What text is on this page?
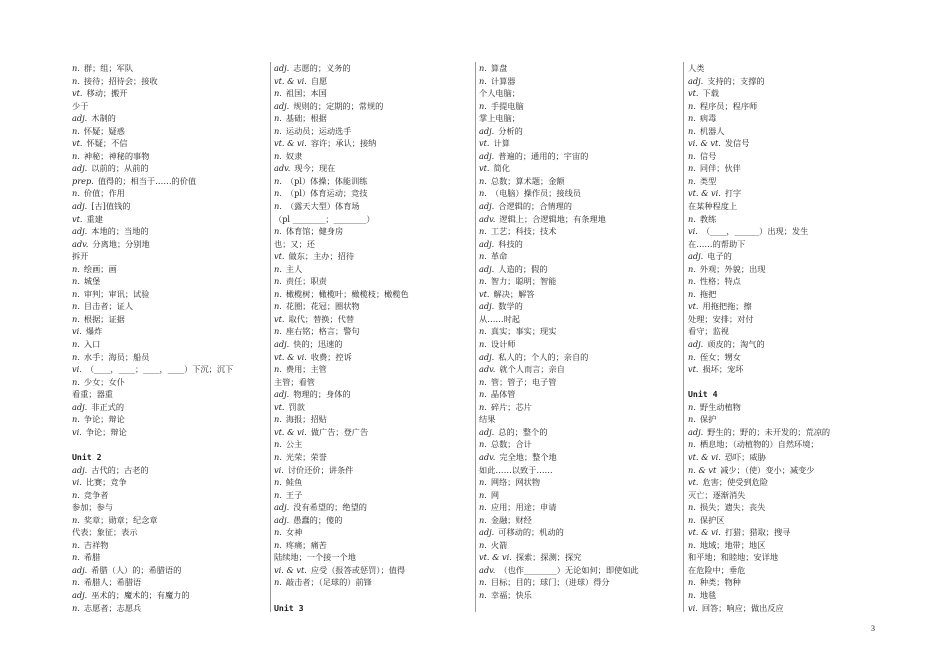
n. 群；组；军队
n. 接待；招待会；接收
vt. 移动；搬开
少于
adj. 木制的
n. 怀疑；疑惑
vt. 怀疑；不信
n. 神秘；神秘的事物
adj. 以前的；从前的
prep. 值得的；相当于……的价值
n. 价值；作用
adj. [古]值钱的
vt. 重建
adj. 本地的；当地的
adv. 分离地；分别地
拆开
n. 绘画；画
n. 城堡
n. 审判；审讯；试验
n. 目击者；证人
n. 根据；证据
vi. 爆炸
n. 入口
n. 水手；海员；船员
vi. （____，____；____，____）下沉；沉下
n. 少女；女仆
看重；器重
adj. 非正式的
n. 争论；辩论
vi. 争论；辩论
Unit 2
adj. 古代的；古老的
vi. 比赛；竞争
n. 竞争者
参加；参与
n. 奖章；勋章；纪念章
代表；象征；表示
n. 吉祥物
n. 希腊
adj. 希腊（人）的；希腊语的
n. 希腊人；希腊语
adj. 巫术的；魔术的；有魔力的
n. 志愿者；志愿兵
adj. 志愿的；义务的
vt. & vi. 自愿
n. 祖国；本国
adj. 规则的；定期的；常规的
n. 基础；根据
n. 运动员；运动选手
vt. & vi. 容许；承认；接纳
n. 奴隶
adv. 现今；现在
n. （pl）体操；体能训练
n. （pl）体育运动；竞技
n. （露天大型）体育场
（pl ________；________）
n. 体育馆；健身房
也；又；还
vt. 做东；主办；招待
n. 主人
n. 责任；职责
n. 橄榄树；橄榄叶；橄榄枝；橄榄色
n. 花圈；花冠；圈状物
vt. 取代；替换；代替
n. 座右铭；格言；警句
adj. 快的；迅速的
vt. & vi. 收费；控诉
n. 费用；主管
主管；看管
adj. 物理的；身体的
vt. 罚款
n. 海报；招贴
vt. & vi. 做广告；登广告
n. 公主
n. 光荣；荣誉
vi. 讨价还价；讲条件
n. 鲑鱼
n. 王子
adj. 没有希望的；绝望的
adj. 愚蠢的；傻的
n. 女神
n. 疼痛；痛苦
陆续地；一个接一个地
vi. & vt. 应受（报答或惩罚）；值得
n. 敲击者；（足球的）前锋
Unit 3
n. 算盘
n. 计算器
个人电脑；
n. 手提电脑
掌上电脑；
adj. 分析的
vt. 计算
adj. 普遍的；通用的；宇宙的
vt. 简化
n. 总数；算术题；金额
n. （电脑）操作员；接线员
adj. 合逻辑的；合情理的
adv. 逻辑上；合逻辑地；有条理地
n. 工艺；科技；技术
adj. 科技的
n. 革命
adj. 人造的；假的
n. 智力；聪明；智能
vt. 解决；解答
adj. 数学的
从……时起
n. 真实；事实；现实
n. 设计师
adj. 私人的；个人的；亲自的
adv. 就个人而言；亲自
n. 管；管子；电子管
n. 晶体管
n. 碎片；芯片
结果
adj. 总的；整个的
n. 总数；合计
adv. 完全地；整个地
如此……以致于……
n. 网络；网状物
n. 网
n. 应用；用途；申请
n. 金融；财经
adj. 可移动的；机动的
n. 火箭
vt. & vi. 探索；探测；探究
adv. （也作________）无论如何；即使如此
n. 目标；目的；球门；（进球）得分
n. 幸福；快乐
人类
adj. 支持的；支撑的
vt. 下载
n. 程序员；程序师
n. 病毒
n. 机器人
vi. & vt. 发信号
n. 信号
n. 同伴；伙伴
n. 类型
vt. & vi. 打字
在某种程度上
n. 教练
vi. （____，______）出现；发生
在……的帮助下
adj. 电子的
n. 外观；外貌；出现
n. 性格；特点
n. 拖把
vt. 用拖把拖；擦
处理；安排；对付
看守；监视
adj. 顽皮的；淘气的
n. 侄女；甥女
vt. 损坏；宠坏
Unit 4
n. 野生动植物
n. 保护
adj. 野生的；野的；未开发的；荒凉的
n. 栖息地；（动植物的）自然环境；
vt. & vi. 恐吓；威胁
n. & vt 减少；（使）变小；减变少
vt. 危害；使受到危险
灭亡；逐渐消失
n. 损失；遗失；丧失
n. 保护区
vt. & vi. 打猎；猎取；搜寻
n. 地域；地带；地区
和平地；和睦地；安详地
在危险中；垂危
n. 种类；物种
n. 地毯
vi. 回答；响应；做出反应
3
